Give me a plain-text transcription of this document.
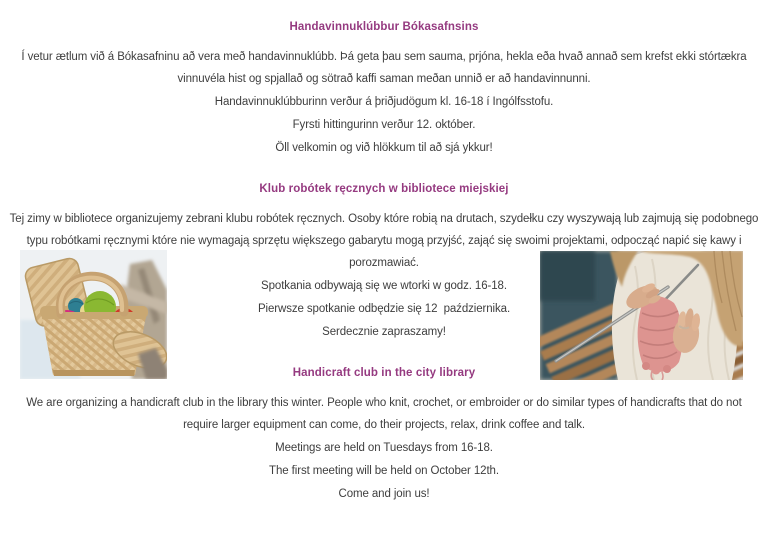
Handavinnuklúbbur Bókasafnsins

Í vetur ætlum við á Bókasafninu að vera með handavinnuklúbb. Þá geta þau sem sauma, prjóna, hekla eða hvað annað sem krefst ekki stórtækra vinnuvéla hist og spjallað og sötrað kaffi saman meðan unnið er að handavinnunni.

Handavinnuklúbburinn verður á þriðjudögum kl. 16-18 í Ingólfsstofu.

Fyrsti hittingurinn verður 12. október.

Öll velkomin og við hlökkum til að sjá ykkur!

Klub robótek ręcznych w bibliotece miejskiej

Tej zimy w bibliotece organizujemy zebrani klubu robótek ręcznych. Osoby które robią na drutach, szydełku czy wyszywają lub zajmują się podobnego typu robótkami ręcznymi które nie wymagają sprzętu większego gabarytu mogą przyjść, zająć się swoimi projektami, odpocząć napić się kawy i porozmawiać.

Spotkania odbywają się we wtorki w godz. 16-18.

Pierwsze spotkanie odbędzie się 12  października.

Serdecznie zapraszamy!

Handicraft club in the city library

We are organizing a handicraft club in the library this winter. People who knit, crochet, or embroider or do similar types of handicrafts that do not require larger equipment can come, do their projects, relax, drink coffee and talk.

Meetings are held on Tuesdays from 16-18.

The first meeting will be held on October 12th.

Come and join us!
